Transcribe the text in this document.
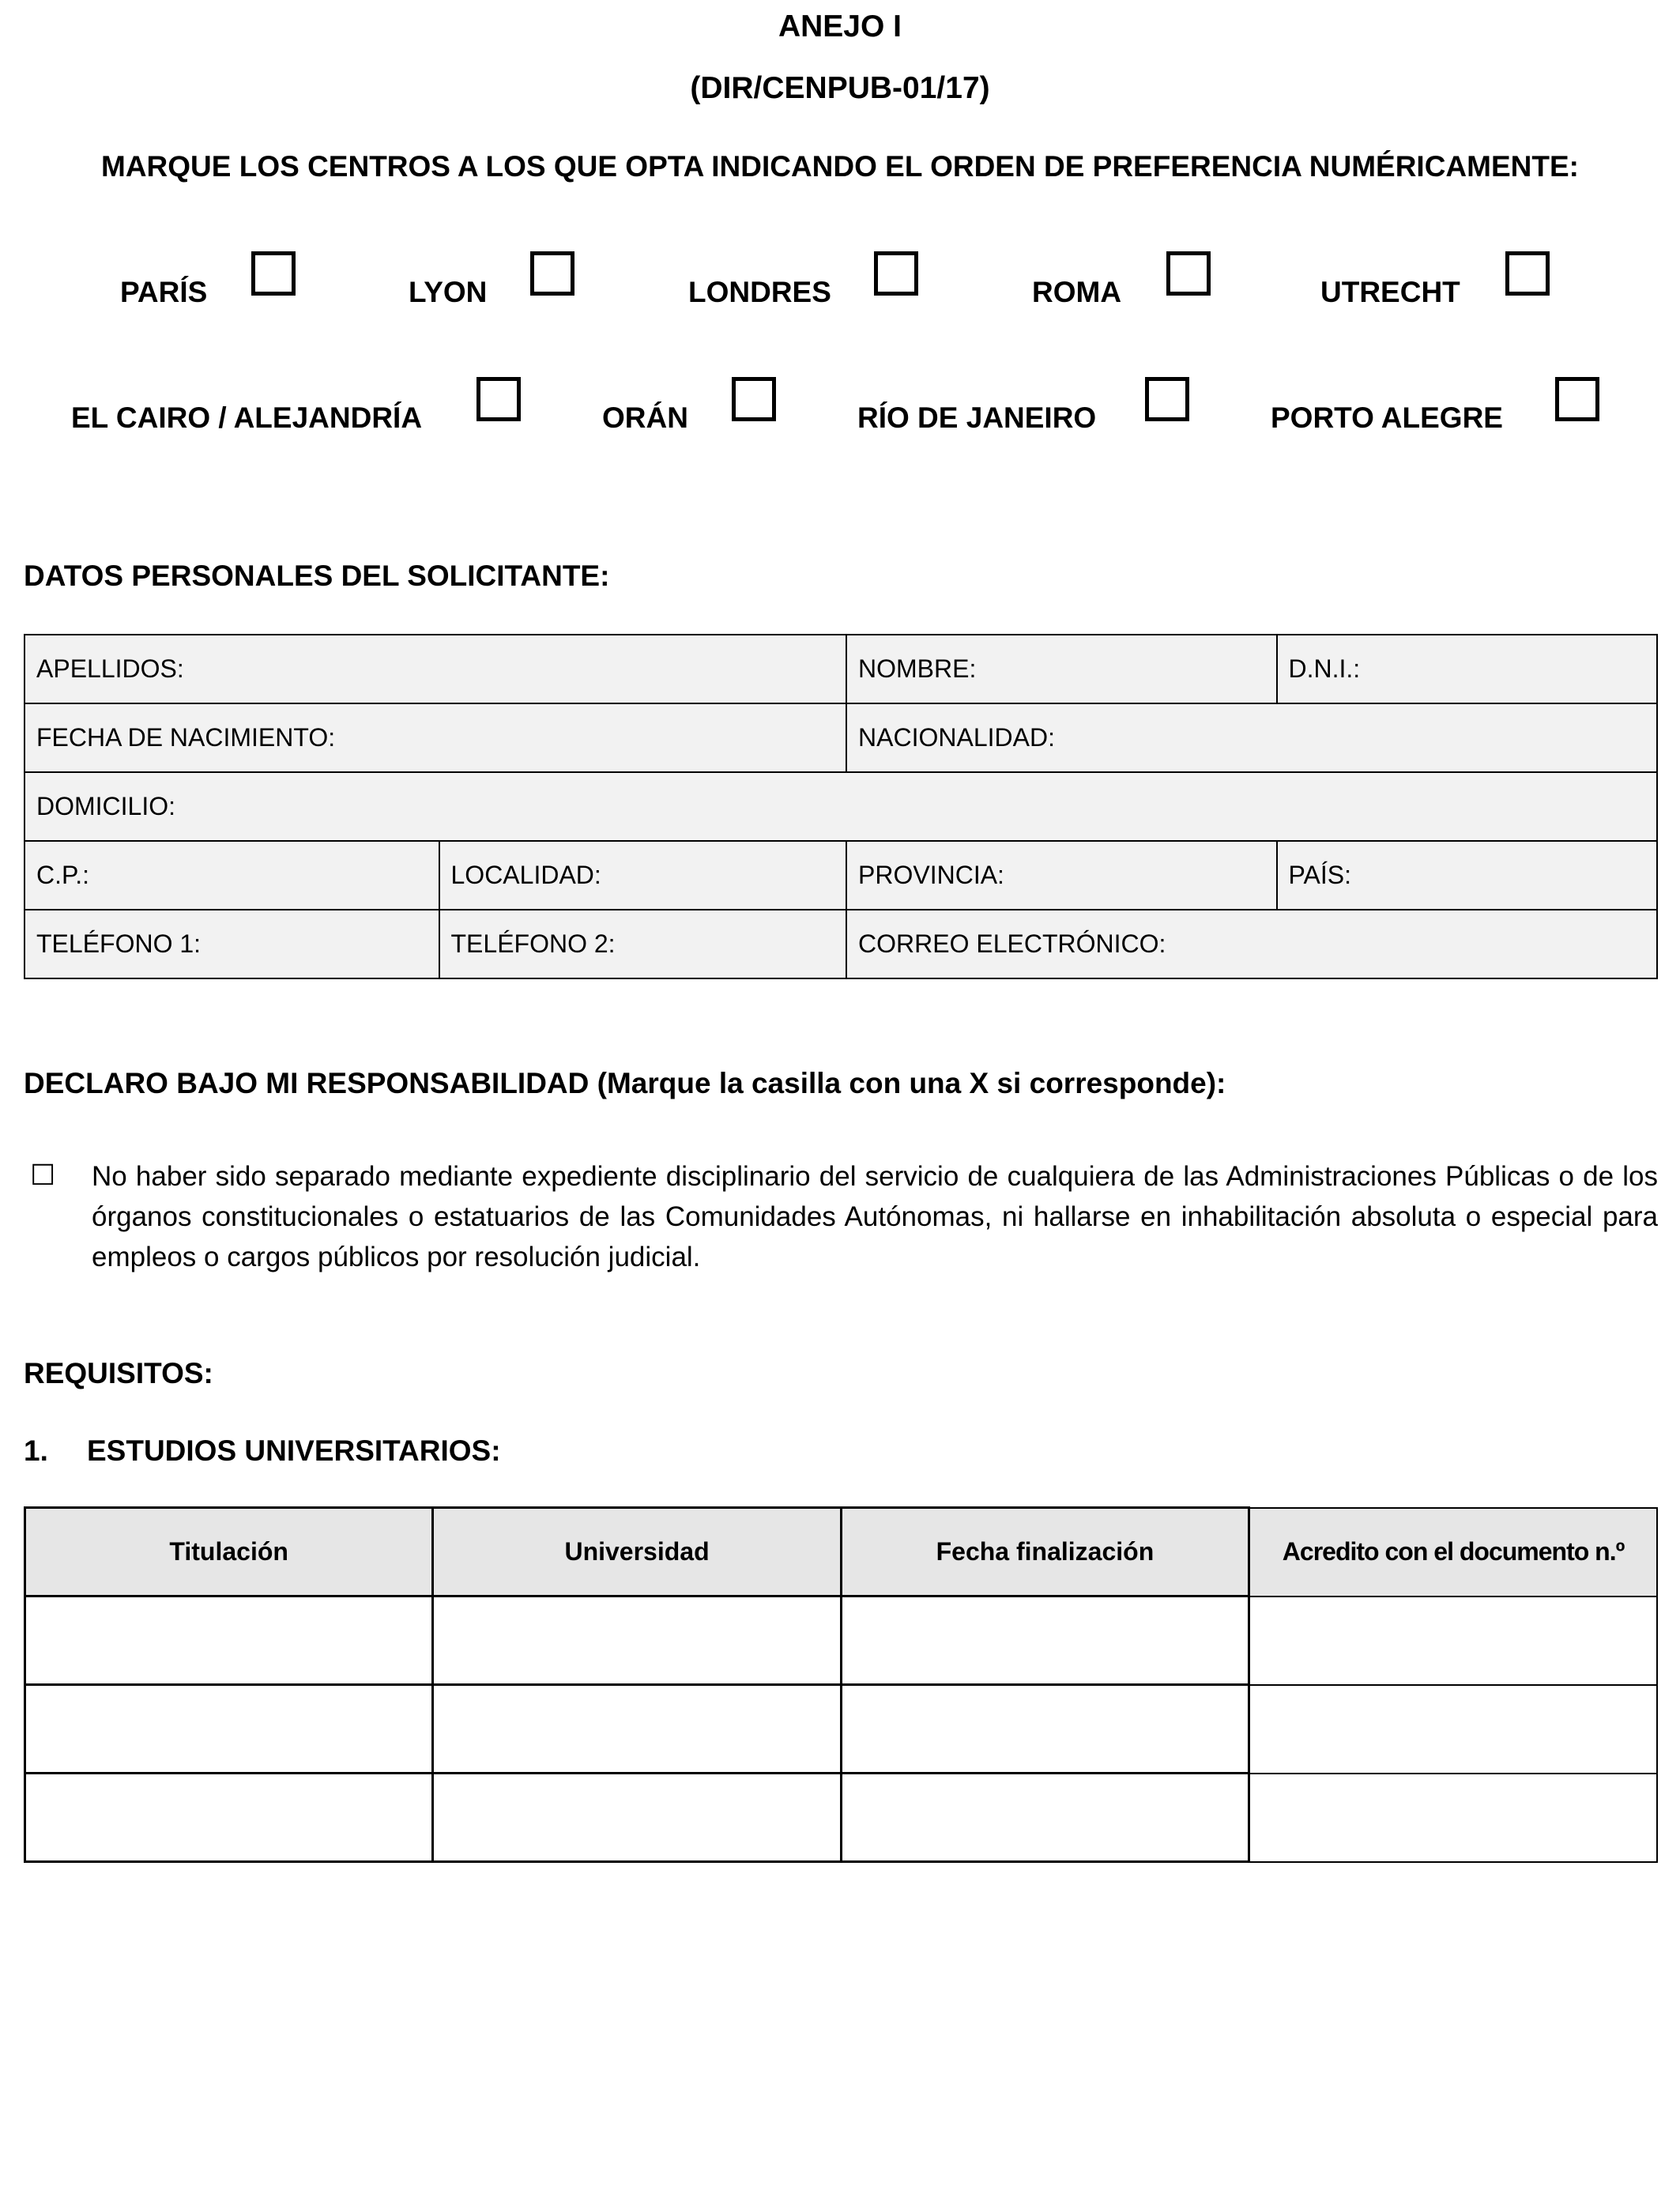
ANEJO I
(DIR/CENPUB-01/17)
MARQUE LOS CENTROS A LOS QUE OPTA INDICANDO EL ORDEN DE PREFERENCIA NUMÉRICAMENTE:
PARÍS	LYON	LONDRES	ROMA	UTRECHT
EL CAIRO / ALEJANDRÍA	ORÁN	RÍO DE JANEIRO	PORTO ALEGRE
DATOS PERSONALES DEL SOLICITANTE:
APELLIDOS:		NOMBRE:	D.N.I.:
FECHA DE NACIMIENTO:		NACIONALIDAD:	
DOMICILIO:			
C.P.:	LOCALIDAD:	PROVINCIA:	PAÍS:
TELÉFONO 1:	TELÉFONO 2:	CORREO ELECTRÓNICO:	
DECLARO BAJO MI RESPONSABILIDAD (Marque la casilla con una X si corresponde):
☐ No haber sido separado mediante expediente disciplinario del servicio de cualquiera de las Administraciones Públicas o de los órganos constitucionales o estatuarios de las Comunidades Autónomas, ni hallarse en inhabilitación absoluta o especial para empleos o cargos públicos por resolución judicial.
REQUISITOS:
1. ESTUDIOS UNIVERSITARIOS:
Titulación	Universidad	Fecha finalización	Acredito con el documento n.º
